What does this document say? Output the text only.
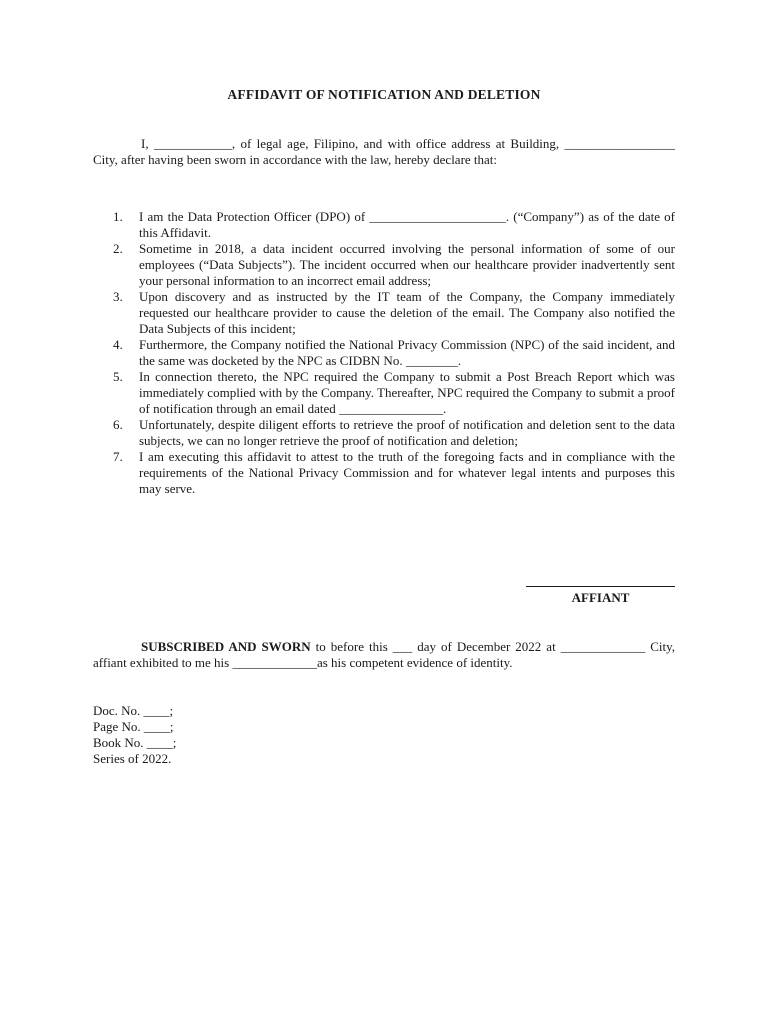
AFFIDAVIT OF NOTIFICATION AND DELETION
I, ____________, of legal age, Filipino, and with office address at Building, _________________ City, after having been sworn in accordance with the law, hereby declare that:
1. I am the Data Protection Officer (DPO) of _____________________. (“Company”) as of the date of this Affidavit.
2. Sometime in 2018, a data incident occurred involving the personal information of some of our employees (“Data Subjects”). The incident occurred when our healthcare provider inadvertently sent your personal information to an incorrect email address;
3. Upon discovery and as instructed by the IT team of the Company, the Company immediately requested our healthcare provider to cause the deletion of the email. The Company also notified the Data Subjects of this incident;
4. Furthermore, the Company notified the National Privacy Commission (NPC) of the said incident, and the same was docketed by the NPC as CIDBN No. ________.
5. In connection thereto, the NPC required the Company to submit a Post Breach Report which was immediately complied with by the Company. Thereafter, NPC required the Company to submit a proof of notification through an email dated ________________.
6. Unfortunately, despite diligent efforts to retrieve the proof of notification and deletion sent to the data subjects, we can no longer retrieve the proof of notification and deletion;
7. I am executing this affidavit to attest to the truth of the foregoing facts and in compliance with the requirements of the National Privacy Commission and for whatever legal intents and purposes this may serve.
AFFIANT
SUBSCRIBED AND SWORN to before this ___ day of December 2022 at _____________ City, affiant exhibited to me his _____________as his competent evidence of identity.
Doc. No. ____;
Page No. ____;
Book No. ____;
Series of 2022.
